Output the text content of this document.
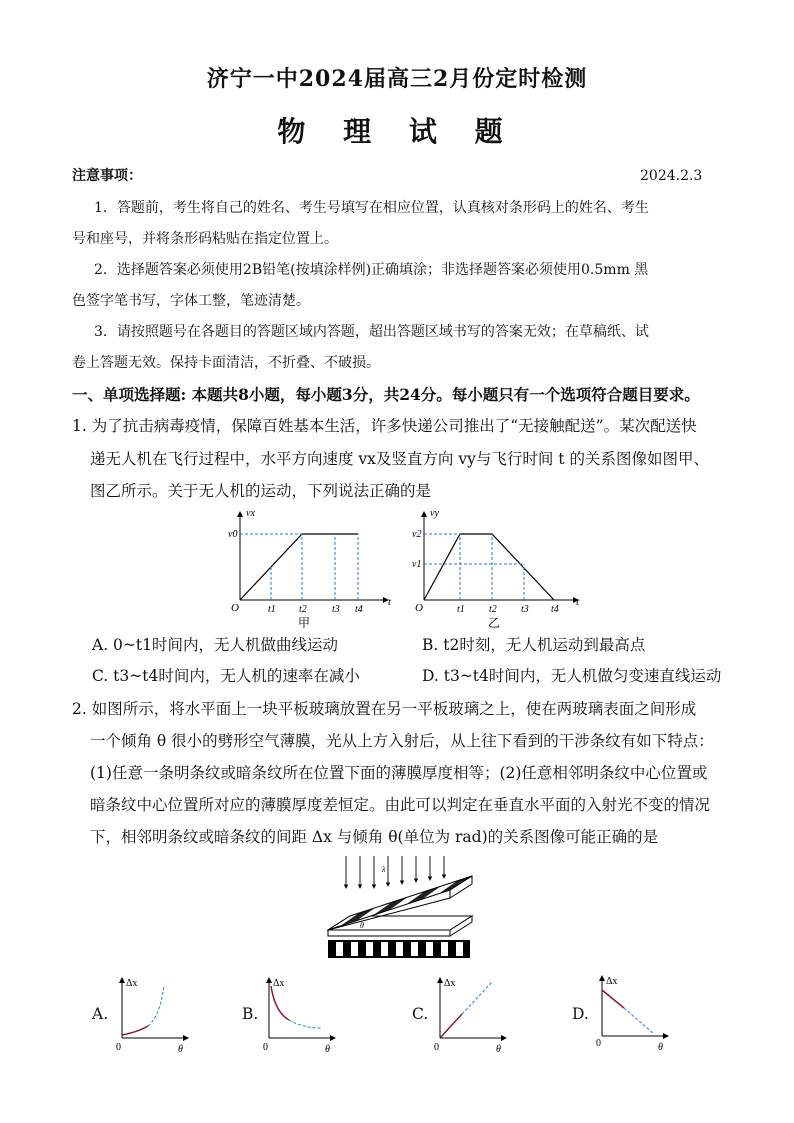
济宁一中2024届高三2月份定时检测
物 理 试 题
注意事项：	2024.2.3
1．答题前，考生将自己的姓名、考生号填写在相应位置，认真核对条形码上的姓名、考生
号和座号，并将条形码粘贴在指定位置上。
2．选择题答案必须使用2B铅笔(按填涂样例)正确填涂；非选择题答案必须使用0.5mm 黑
色签字笔书写，字体工整，笔迹清楚。
3．请按照题号在各题目的答题区域内答题，超出答题区域书写的答案无效；在草稿纸、试
卷上答题无效。保持卡面清洁，不折叠、不破损。
一、单项选择题: 本题共8小题，每小题3分，共24分。每小题只有一个选项符合题目要求。
1. 为了抗击病毒疫情，保障百姓基本生活，许多快递公司推出了“无接触配送”。某次配送快
递无人机在飞行过程中，水平方向速度 vx及竖直方向 vy与飞行时间 t 的关系图像如图甲、
图乙所示。关于无人机的运动，下列说法正确的是
vx
v0
O	t1 t2	t3 t4
t
甲
vy
v2
v1
O	t1 t2 t3 t4
t
乙
A. 0~t1时间内，无人机做曲线运动	B. t2时刻，无人机运动到最高点
C. t3~t4时间内，无人机的速率在减小	D. t3~t4时间内，无人机做匀变速直线运动
2. 如图所示，将水平面上一块平板玻璃放置在另一平板玻璃之上，使在两玻璃表面之间形成
一个倾角 θ 很小的劈形空气薄膜，光从上方入射后，从上往下看到的干涉条纹有如下特点：
(1)任意一条明条纹或暗条纹所在位置下面的薄膜厚度相等；(2)任意相邻明条纹中心位置或
暗条纹中心位置所对应的薄膜厚度差恒定。由此可以判定在垂直水平面的入射光不变的情况
下，相邻明条纹或暗条纹的间距 Δx 与倾角 θ(单位为 rad)的关系图像可能正确的是
λ
θ
A.
Δx
0	θ
B.
Δx
0	θ
C.
Δx
0	θ
D.
Δx
0	θ
